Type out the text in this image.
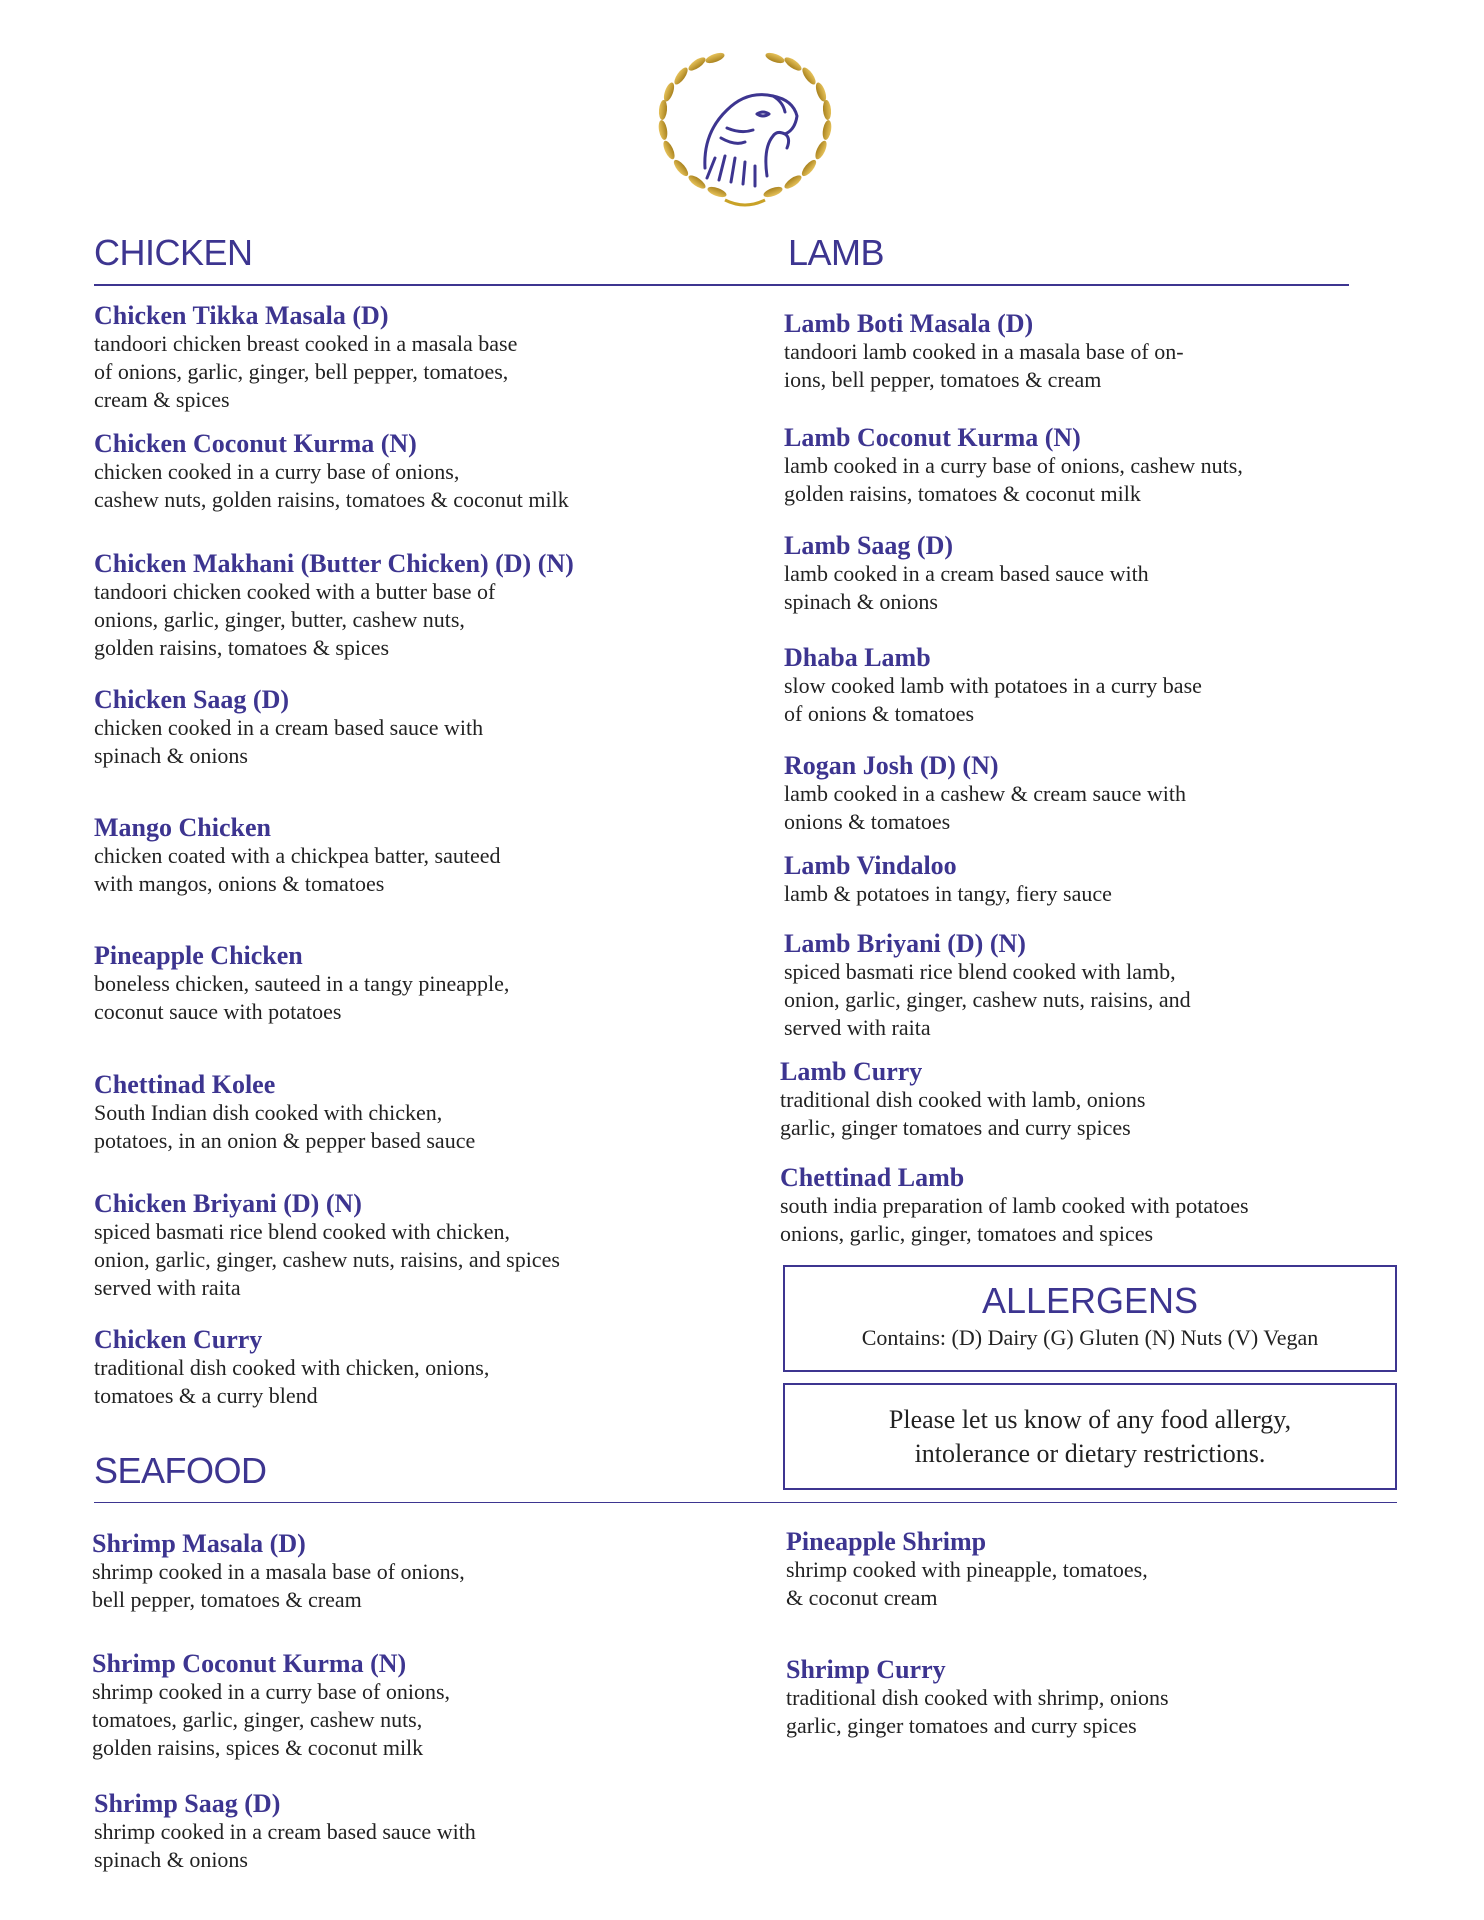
CHICKEN
Chicken Tikka Masala (D)
tandoori chicken breast cooked in a masala base
of onions, garlic, ginger, bell pepper, tomatoes,
cream & spices
Chicken Coconut Kurma (N)
chicken cooked in a curry base of onions,
cashew nuts, golden raisins, tomatoes & coconut milk
Chicken Makhani (Butter Chicken) (D) (N)
tandoori chicken cooked with a butter base of
onions, garlic, ginger, butter, cashew nuts,
golden raisins, tomatoes & spices
Chicken Saag (D)
chicken cooked in a cream based sauce with
spinach & onions
Mango Chicken
chicken coated with a chickpea batter, sauteed
with mangos, onions & tomatoes
Pineapple Chicken
boneless chicken, sauteed in a tangy pineapple,
coconut sauce with potatoes
Chettinad Kolee
South Indian dish cooked with chicken,
potatoes, in an onion & pepper based sauce
Chicken Briyani (D) (N)
spiced basmati rice blend cooked with chicken,
onion, garlic, ginger, cashew nuts, raisins, and spices
served with raita
Chicken Curry
traditional dish cooked with chicken, onions,
tomatoes & a curry blend
LAMB
Lamb Boti Masala (D)
tandoori lamb cooked in a masala base of on-
ions, bell pepper, tomatoes & cream
Lamb Coconut Kurma (N)
lamb cooked in a curry base of onions, cashew nuts,
golden raisins, tomatoes & coconut milk
Lamb Saag (D)
lamb cooked in a cream based sauce with
spinach & onions
Dhaba Lamb
slow cooked lamb with potatoes in a curry base
of onions & tomatoes
Rogan Josh (D) (N)
lamb cooked in a cashew & cream sauce with
onions & tomatoes
Lamb Vindaloo
lamb & potatoes in tangy, fiery sauce
Lamb Briyani (D) (N)
spiced basmati rice blend cooked with lamb,
onion, garlic, ginger, cashew nuts, raisins, and
served with raita
Lamb Curry
traditional dish cooked with lamb, onions
garlic, ginger tomatoes and curry spices
Chettinad Lamb
south india preparation of lamb cooked with potatoes
onions, garlic, ginger, tomatoes and spices
ALLERGENS
Contains: (D) Dairy (G) Gluten (N) Nuts (V) Vegan
Please let us know of any food allergy,
intolerance or dietary restrictions.
SEAFOOD
Shrimp Masala (D)
shrimp cooked in a masala base of onions,
bell pepper, tomatoes & cream
Shrimp Coconut Kurma (N)
shrimp cooked in a curry base of onions,
tomatoes, garlic, ginger, cashew nuts,
golden raisins, spices & coconut milk
Shrimp Saag (D)
shrimp cooked in a cream based sauce with
spinach & onions
Pineapple Shrimp
shrimp cooked with pineapple, tomatoes,
& coconut cream
Shrimp Curry
traditional dish cooked with shrimp, onions
garlic, ginger tomatoes and curry spices
